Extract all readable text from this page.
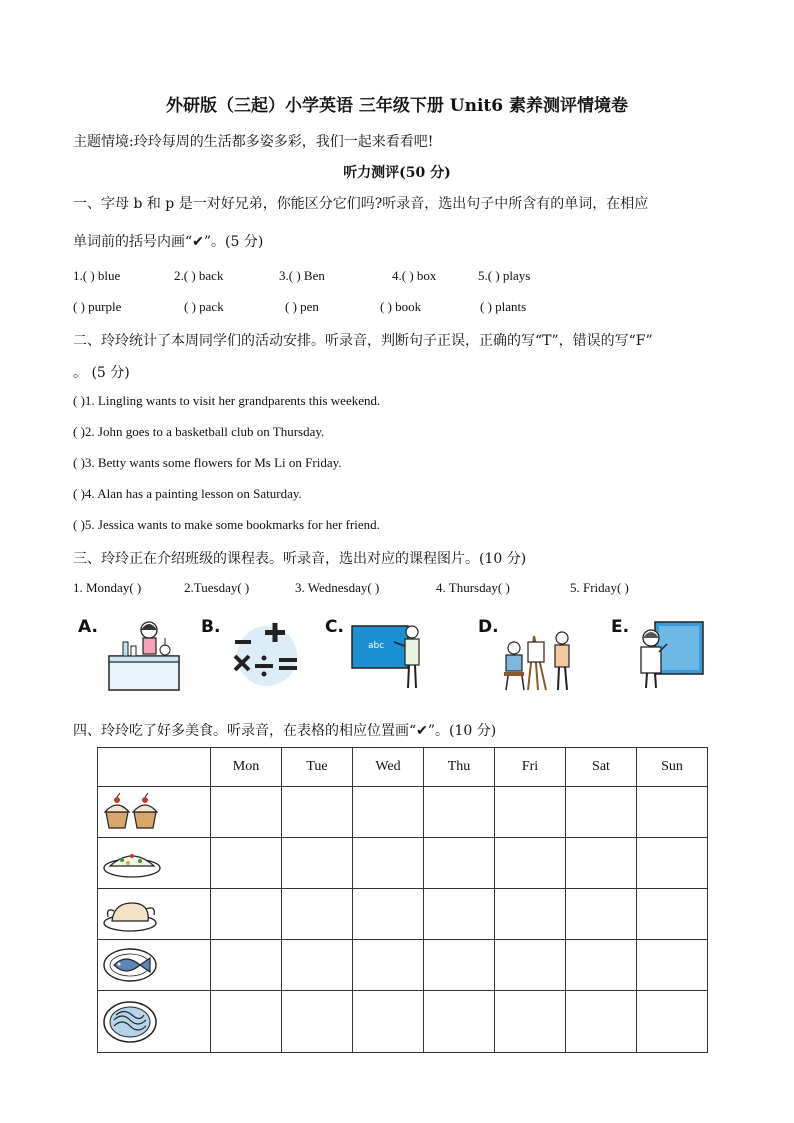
外研版（三起）小学英语 三年级下册 Unit6 素养测评情境卷
主题情境:玲玲每周的生活都多姿多彩，我们一起来看看吧!
听力测评(50 分)
一、字母 b 和 p 是一对好兄弟，你能区分它们吗?听录音，选出句子中所含有的单词，在相应
单词前的括号内画“✔”。(5 分)
1.( ) blue	2.( ) back	3.( ) Ben	4.( ) box	5.( ) plays
( ) purple	( ) pack	( ) pen	( ) book	( ) plants
二、玲玲统计了本周同学们的活动安排。听录音，判断句子正误，正确的写“T”，错误的写“F”
。 (5 分)
( )1. Lingling wants to visit her grandparents this weekend.
( )2. John goes to a basketball club on Thursday.
( )3. Betty wants some flowers for Ms Li on Friday.
( )4. Alan has a painting lesson on Saturday.
( )5. Jessica wants to make some bookmarks for her friend.
三、玲玲正在介绍班级的课程表。听录音，选出对应的课程图片。(10 分)
1. Monday( )	2.Tuesday( )	3. Wednesday( )	4. Thursday( )	5. Friday( )
A.	B.	C.
abc
D.	E.
四、玲玲吃了好多美食。听录音，在表格的相应位置画“✔”。(10 分)
	Mon	Tue	Wed	Thu	Fri	Sat	Sun
